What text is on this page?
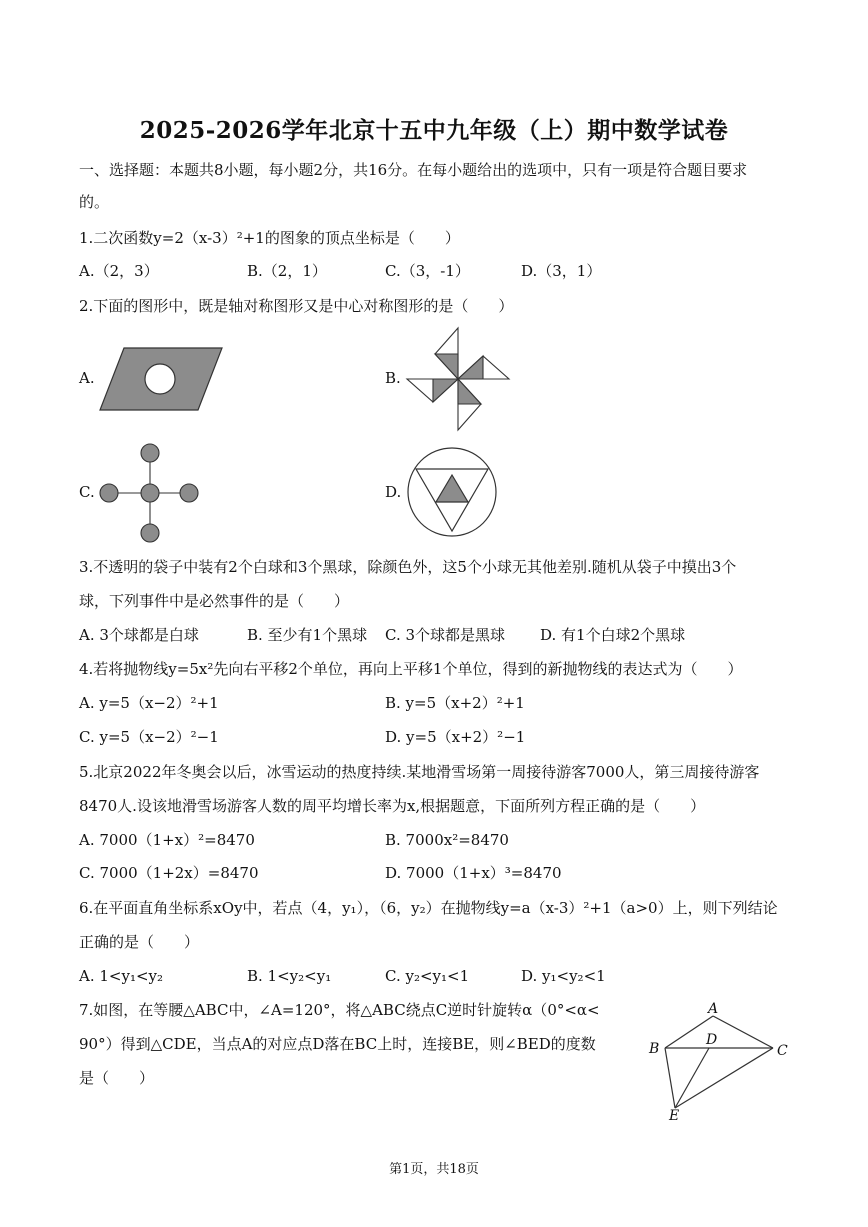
2025-2026学年北京十五中九年级（上）期中数学试卷
一、选择题：本题共8小题，每小题2分，共16分。在每小题给出的选项中，只有一项是符合题目要求
的。
1.二次函数y=2（x-3）²+1的图象的顶点坐标是（　　）
A.（2，3）	B.（2，1）	C.（3，-1）	D.（3，1）
2.下面的图形中，既是轴对称图形又是中心对称图形的是（　　）
A.	B.
C.	D.
3.不透明的袋子中装有2个白球和3个黑球，除颜色外，这5个小球无其他差别.随机从袋子中摸出3个
球，下列事件中是必然事件的是（　　）
A. 3个球都是白球	B. 至少有1个黑球 C. 3个球都是黑球 D. 有1个白球2个黑球
4.若将抛物线y=5x²先向右平移2个单位，再向上平移1个单位，得到的新抛物线的表达式为（　　）
A. y=5（x−2）²+1	B. y=5（x+2）²+1
C. y=5（x−2）²−1	D. y=5（x+2）²−1
5.北京2022年冬奥会以后，冰雪运动的热度持续.某地滑雪场第一周接待游客7000人，第三周接待游客
8470人.设该地滑雪场游客人数的周平均增长率为x,根据题意，下面所列方程正确的是（　　）
A. 7000（1+x）²=8470	B. 7000x²=8470
C. 7000（1+2x）=8470	D. 7000（1+x）³=8470
6.在平面直角坐标系xOy中，若点（4，y₁），（6，y₂）在抛物线y=a（x-3）²+1（a>0）上，则下列结论
正确的是（　　）
A. 1<y₁<y₂	B. 1<y₂<y₁	C. y₂<y₁<1	D. y₁<y₂<1
7.如图，在等腰△ABC中，∠A=120°，将△ABC绕点C逆时针旋转α（0°<α<
90°）得到△CDE，当点A的对应点D落在BC上时，连接BE，则∠BED的度数
是（　　）
A
B	C
D
E
第1页，共18页
